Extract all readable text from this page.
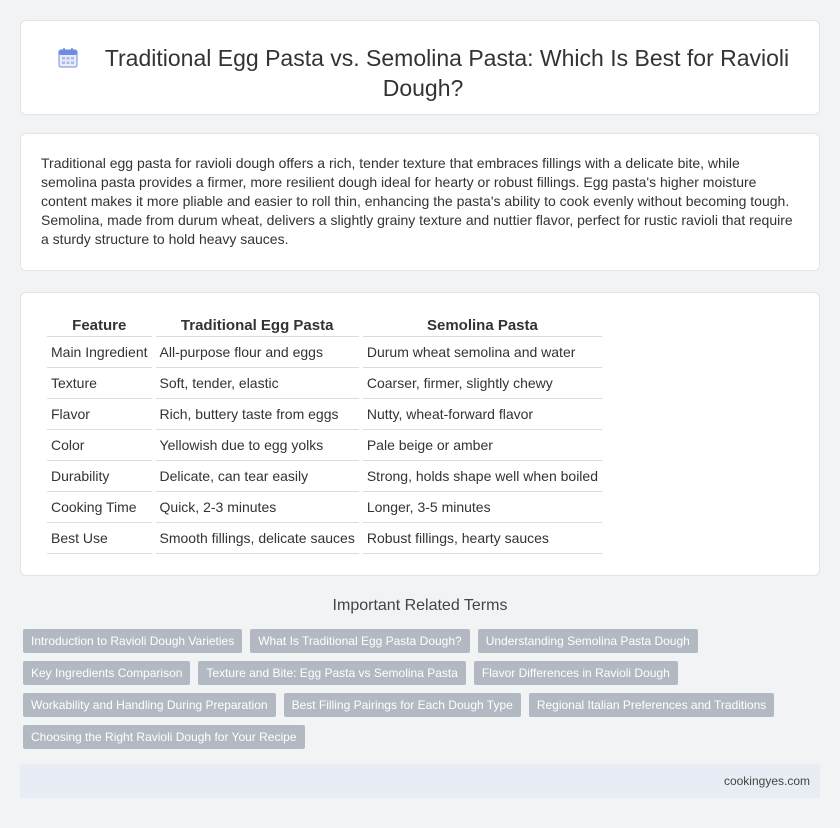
Traditional Egg Pasta vs. Semolina Pasta: Which Is Best for Ravioli Dough?

Traditional egg pasta for ravioli dough offers a rich, tender texture that embraces fillings with a delicate bite, while semolina pasta provides a firmer, more resilient dough ideal for hearty or robust fillings. Egg pasta's higher moisture content makes it more pliable and easier to roll thin, enhancing the pasta's ability to cook evenly without becoming tough. Semolina, made from durum wheat, delivers a slightly grainy texture and nuttier flavor, perfect for rustic ravioli that require a sturdy structure to hold heavy sauces.

Feature	Traditional Egg Pasta	Semolina Pasta
Main Ingredient	All-purpose flour and eggs	Durum wheat semolina and water
Texture	Soft, tender, elastic	Coarser, firmer, slightly chewy
Flavor	Rich, buttery taste from eggs	Nutty, wheat-forward flavor
Color	Yellowish due to egg yolks	Pale beige or amber
Durability	Delicate, can tear easily	Strong, holds shape well when boiled
Cooking Time	Quick, 2-3 minutes	Longer, 3-5 minutes
Best Use	Smooth fillings, delicate sauces	Robust fillings, hearty sauces
Important Related Terms
Introduction to Ravioli Dough Varieties	What Is Traditional Egg Pasta Dough?	Understanding Semolina Pasta Dough
Key Ingredients Comparison	Texture and Bite: Egg Pasta vs Semolina Pasta	Flavor Differences in Ravioli Dough
Workability and Handling During Preparation	Best Filling Pairings for Each Dough Type	Regional Italian Preferences and Traditions
Choosing the Right Ravioli Dough for Your Recipe
cookingyes.com
